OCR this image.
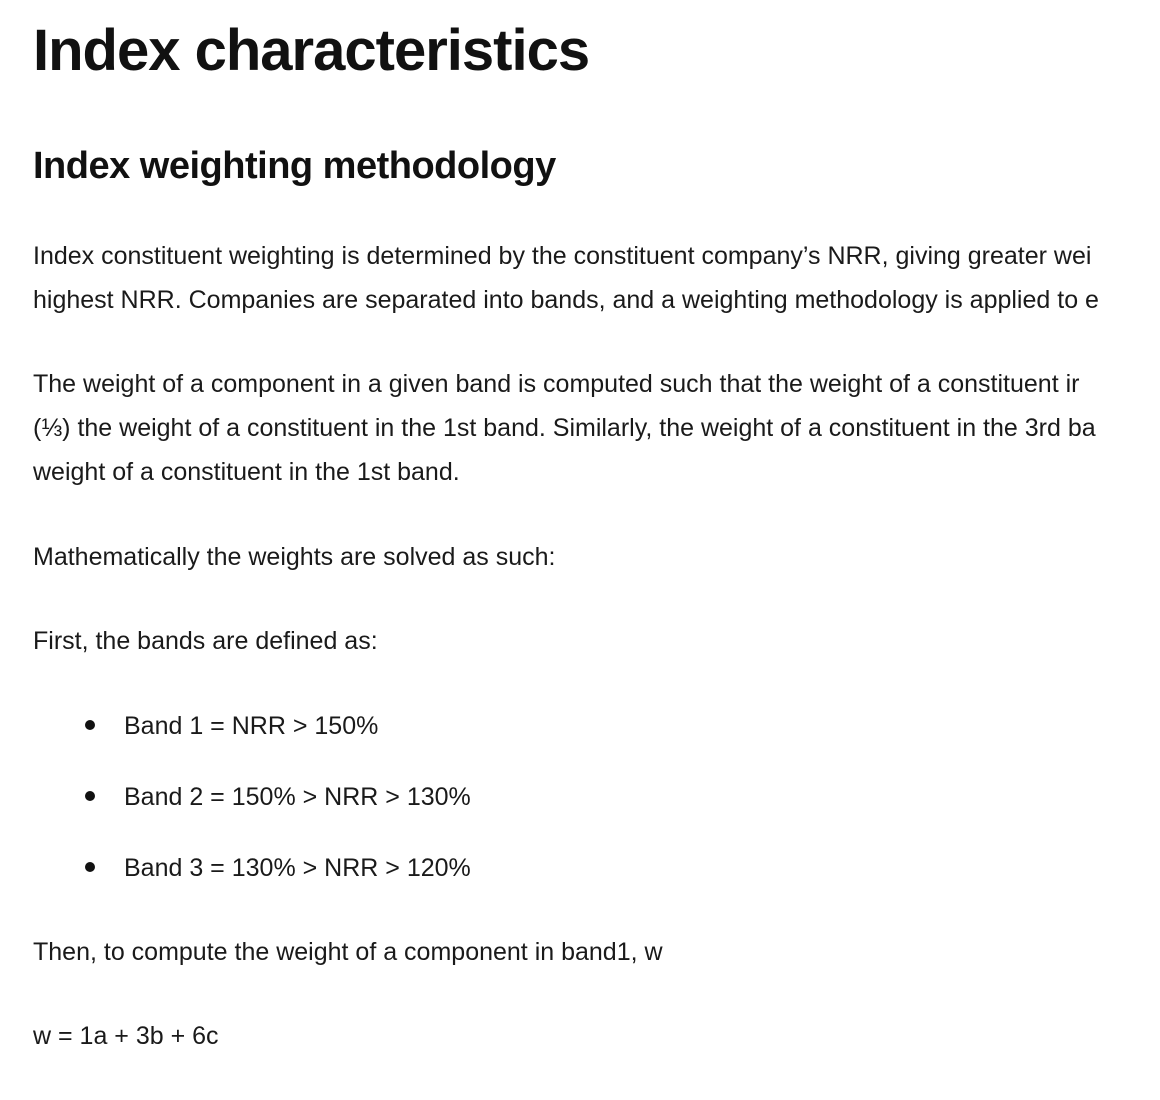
Index characteristics
Index weighting methodology

Index constituent weighting is determined by the constituent company’s NRR, giving greater wei
highest NRR. Companies are separated into bands, and a weighting methodology is applied to e

The weight of a component in a given band is computed such that the weight of a constituent ir
(⅓) the weight of a constituent in the 1st band. Similarly, the weight of a constituent in the 3rd ba
weight of a constituent in the 1st band.

Mathematically the weights are solved as such:

First, the bands are defined as:

Band 1 = NRR > 150%
Band 2 = 150% > NRR > 130%
Band 3 = 130% > NRR > 120%

Then, to compute the weight of a component in band1, w

w = 1a + 3b + 6c
